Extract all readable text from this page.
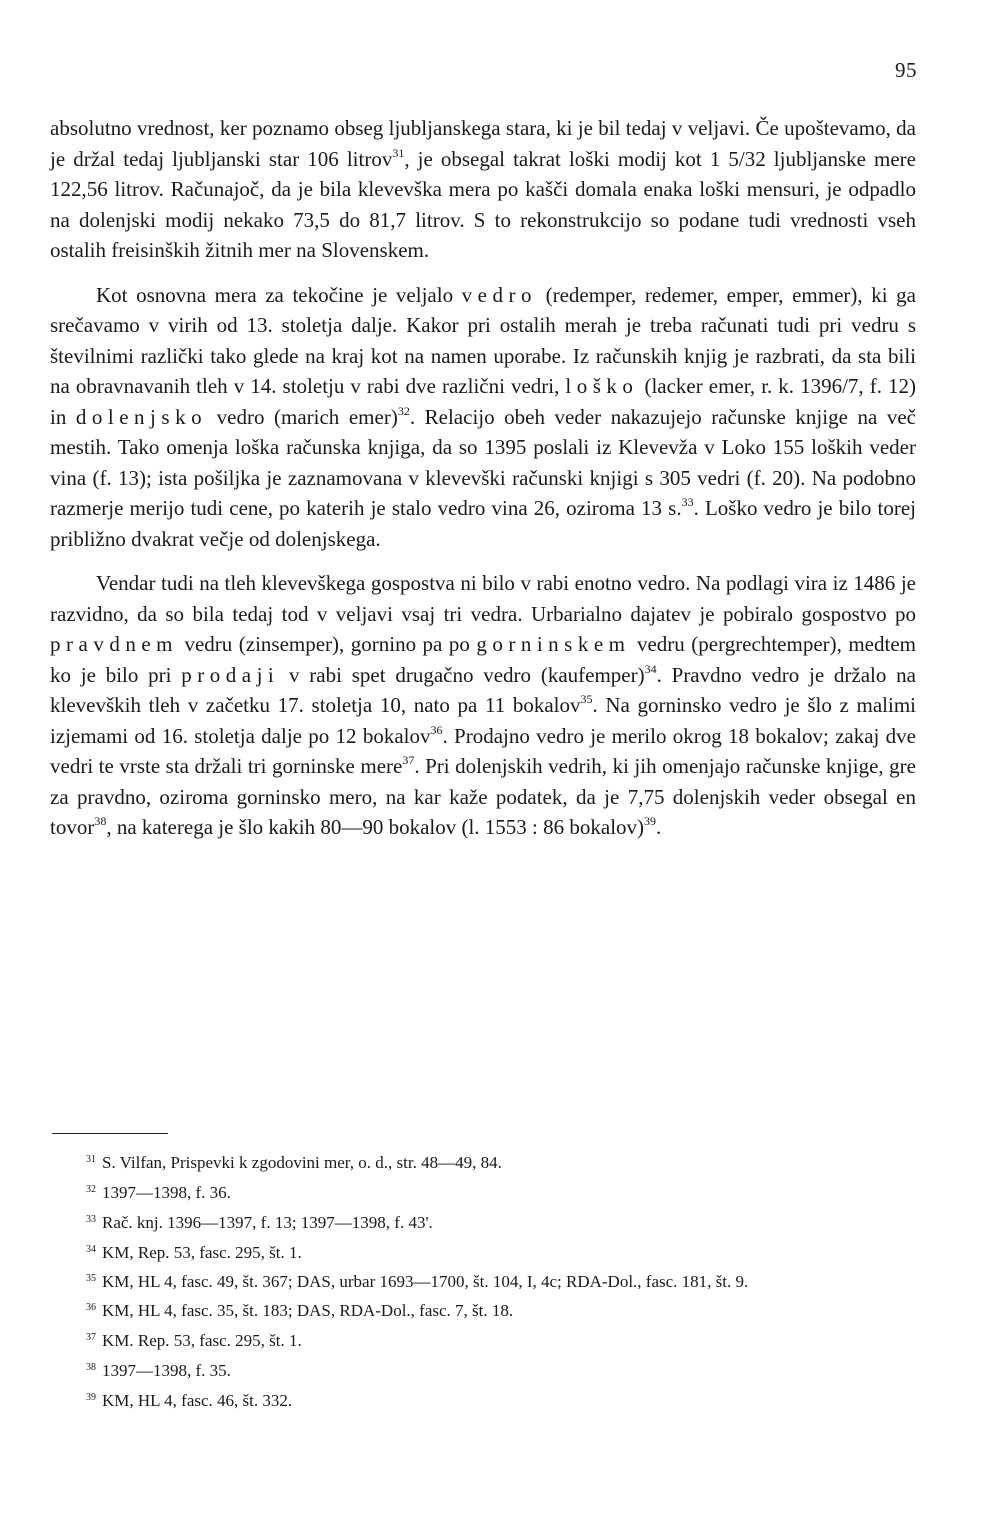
95

absolutno vrednost, ker poznamo obseg ljubljanskega stara, ki je bil tedaj v veljavi. Če upoštevamo, da je držal tedaj ljubljanski star 106 litrov$^{31}$, je obsegal takrat loški modij kot 1 5/32 ljubljanske mere 122,56 litrov. Računajoč, da je bila klevevška mera po kašči domala enaka loški mensuri, je odpadlo na dolenjski modij nekako 73,5 do 81,7 litrov. S to rekonstrukcijo so podane tudi vrednosti vseh ostalih freisinških žitnih mer na Slovenskem.

Kot osnovna mera za tekočine je veljalo vedro (redemper, redemer, emper, emmer), ki ga srečavamo v virih od 13. stoletja dalje. Kakor pri ostalih merah je treba računati tudi pri vedru s številnimi različki tako glede na kraj kot na namen uporabe. Iz računskih knjig je razbrati, da sta bili na obravnavanih tleh v 14. stoletju v rabi dve različni vedri, loško (lacker emer, r. k. 1396/7, f. 12) in dolenjsko vedro (marich emer)$^{32}$. Relacijo obeh veder nakazujejo računske knjige na več mestih. Tako omenja loška računska knjiga, da so 1395 poslali iz Klevevža v Loko 155 loških veder vina (f. 13); ista pošiljka je zaznamovana v klevevški računski knjigi s 305 vedri (f. 20). Na podobno razmerje merijo tudi cene, po katerih je stalo vedro vina 26, oziroma 13 s.$^{33}$. Loško vedro je bilo torej približno dvakrat večje od dolenjskega.

Vendar tudi na tleh klevevškega gospostva ni bilo v rabi enotno vedro. Na podlagi vira iz 1486 je razvidno, da so bila tedaj tod v veljavi vsaj tri vedra. Urbarialno dajatev je pobiralo gospostvo po pravdnem vedru (zinsemper), gornino pa po gorninskem vedru (pergrechtemper), medtem ko je bilo pri prodaji v rabi spet drugačno vedro (kaufemper)$^{34}$. Pravdno vedro je držalo na klevevških tleh v začetku 17. stoletja 10, nato pa 11 bokalov$^{35}$. Na gorninsko vedro je šlo z malimi izjemami od 16. stoletja dalje po 12 bokalov$^{36}$. Prodajno vedro je merilo okrog 18 bokalov; zakaj dve vedri te vrste sta držali tri gorninske mere$^{37}$. Pri dolenjskih vedrih, ki jih omenjajo računske knjige, gre za pravdno, oziroma gorninsko mero, na kar kaže podatek, da je 7,75 dolenjskih veder obsegal en tovor$^{38}$, na katerega je šlo kakih 80—90 bokalov (l. 1553 : 86 bokalov)$^{39}$.

$^{31}$ S. Vilfan, Prispevki k zgodovini mer, o. d., str. 48—49, 84.
$^{32}$ 1397—1398, f. 36.
$^{33}$ Rač. knj. 1396—1397, f. 13; 1397—1398, f. 43'.
$^{34}$ KM, Rep. 53, fasc. 295, št. 1.
$^{35}$ KM, HL 4, fasc. 49, št. 367; DAS, urbar 1693—1700, št. 104, I, 4c; RDA-Dol., fasc. 181, št. 9.
$^{36}$ KM, HL 4, fasc. 35, št. 183; DAS, RDA-Dol., fasc. 7, št. 18.
$^{37}$ KM. Rep. 53, fasc. 295, št. 1.
$^{38}$ 1397—1398, f. 35.
$^{39}$ KM, HL 4, fasc. 46, št. 332.
